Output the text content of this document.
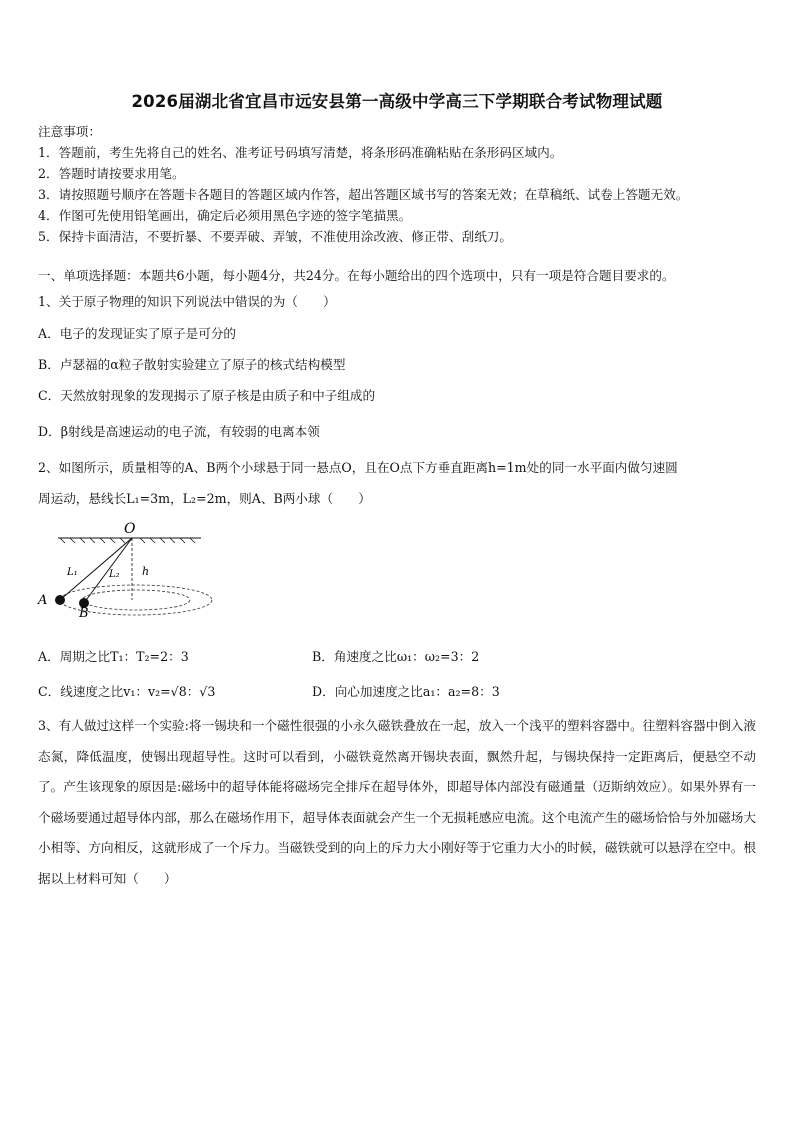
2026届湖北省宜昌市远安县第一高级中学高三下学期联合考试物理试题
注意事项：
1．答题前，考生先将自己的姓名、准考证号码填写清楚，将条形码准确粘贴在条形码区域内。
2．答题时请按要求用笔。
3．请按照题号顺序在答题卡各题目的答题区域内作答，超出答题区域书写的答案无效；在草稿纸、试卷上答题无效。
4．作图可先使用铅笔画出，确定后必须用黑色字迹的签字笔描黑。
5．保持卡面清洁，不要折暴、不要弄破、弄皱，不准使用涂改液、修正带、刮纸刀。
一、单项选择题：本题共6小题，每小题4分，共24分。在每小题给出的四个选项中，只有一项是符合题目要求的。
1、关于原子物理的知识下列说法中错误的为（　　）
A．电子的发现证实了原子是可分的
B．卢瑟福的α粒子散射实验建立了原子的核式结构模型
C．天然放射现象的发现揭示了原子核是由质子和中子组成的
D．β射线是高速运动的电子流，有较弱的电离本领
2、如图所示，质量相等的A、B两个小球悬于同一悬点O，且在O点下方垂直距离h=1m处的同一水平面内做匀速圆
周运动，悬线长L₁=3m，L₂=2m，则A、B两小球（　　）
O
L₁	L₂ h
A
B
A．周期之比T₁：T₂=2：3	B．角速度之比ω₁：ω₂=3：2
C．线速度之比v₁：v₂=√8：√3	D．向心加速度之比a₁：a₂=8：3
3、有人做过这样一个实验:将一锡块和一个磁性很强的小永久磁铁叠放在一起，放入一个浅平的塑料容器中。往塑料容器中倒入液态氮，降低温度，使锡出现超导性。这时可以看到，小磁铁竟然离开锡块表面，飘然升起，与锡块保持一定距离后，便悬空不动了。产生该现象的原因是:磁场中的超导体能将磁场完全排斥在超导体外，即超导体内部没有磁通量（迈斯纳效应）。如果外界有一个磁场要通过超导体内部，那么在磁场作用下，超导体表面就会产生一个无损耗感应电流。这个电流产生的磁场恰恰与外加磁场大小相等、方向相反，这就形成了一个斥力。当磁铁受到的向上的斥力大小刚好等于它重力大小的时候，磁铁就可以悬浮在空中。根据以上材料可知（　　）
